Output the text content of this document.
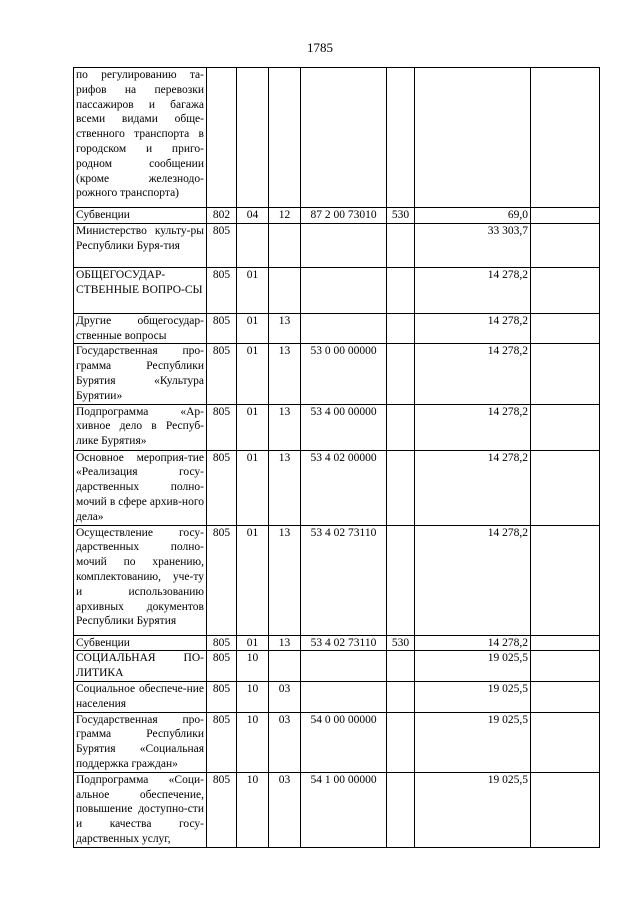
1785
по регулированию та-рифов на перевозки пассажиров и багажа всеми видами обще-ственного транспорта в городском и приго-родном сообщении (кроме железнодо-рожного транспорта)							
Субвенции	802	04	12	87 2 00 73010	530	69,0	
Министерство культу-ры Республики Буря-тия	805					33 303,7	
ОБЩЕГОСУДАР-СТВЕННЫЕ ВОПРО-СЫ	805	01				14 278,2	
Другие общегосудар-ственные вопросы	805	01	13			14 278,2	
Государственная про-грамма Республики Бурятия «Культура Бурятии»	805	01	13	53 0 00 00000		14 278,2	
Подпрограмма «Ар-хивное дело в Респуб-лике Бурятия»	805	01	13	53 4 00 00000		14 278,2	
Основное мероприя-тие «Реализация госу-дарственных полно-мочий в сфере архив-ного дела»	805	01	13	53 4 02 00000		14 278,2	
Осуществление госу-дарственных полно-мочий по хранению, комплектованию, уче-ту и использованию архивных документов Республики Бурятия	805	01	13	53 4 02 73110		14 278,2	
Субвенции	805	01	13	53 4 02 73110	530	14 278,2	
СОЦИАЛЬНАЯ ПО-ЛИТИКА	805	10				19 025,5	
Социальное обеспече-ние населения	805	10	03			19 025,5	
Государственная про-грамма Республики Бурятия «Социальная поддержка граждан»	805	10	03	54 0 00 00000		19 025,5	
Подпрограмма «Соци-альное обеспечение, повышение доступно-сти и качества госу-дарственных услуг,	805	10	03	54 1 00 00000		19 025,5	
